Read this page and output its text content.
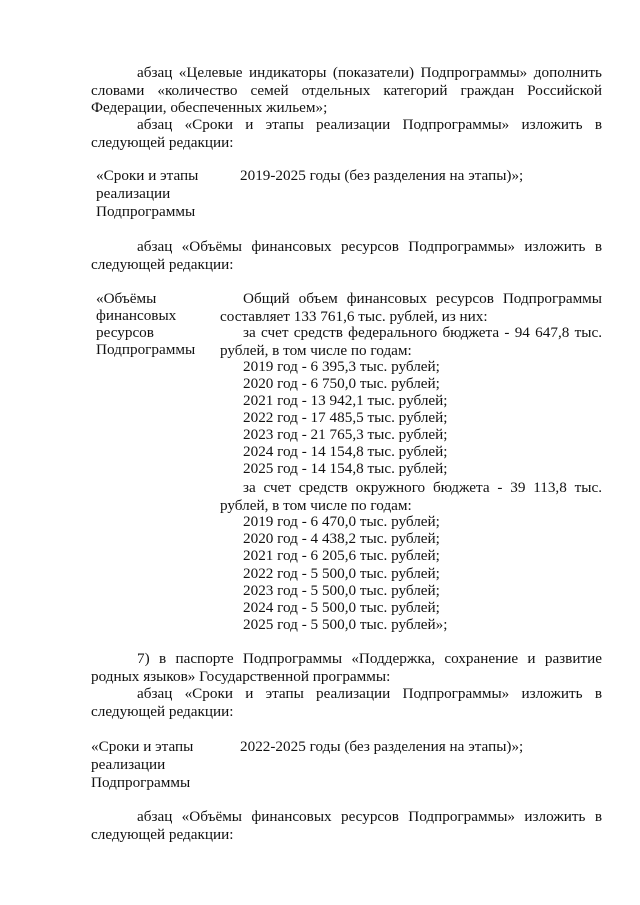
абзац «Целевые индикаторы (показатели) Подпрограммы» дополнить словами «количество семей отдельных категорий граждан Российской Федерации, обеспеченных жильем»;

абзац «Сроки и этапы реализации Подпрограммы» изложить в следующей редакции:

«Сроки и этапы

реализации

Подпрограммы

2019-2025 годы (без разделения на этапы)»;

абзац «Объёмы финансовых ресурсов Подпрограммы» изложить в следующей редакции:

«Объёмы

финансовых

ресурсов

Подпрограммы

Общий объем финансовых ресурсов Подпрограммы составляет 133 761,6 тыс. рублей, из них:

за счет средств федерального бюджета - 94 647,8 тыс. рублей, в том числе по годам:

2019 год - 6 395,3 тыс. рублей;

2020 год - 6 750,0 тыс. рублей;

2021 год - 13 942,1 тыс. рублей;

2022 год - 17 485,5 тыс. рублей;

2023 год - 21 765,3 тыс. рублей;

2024 год - 14 154,8 тыс. рублей;

2025 год - 14 154,8 тыс. рублей;

за счет средств окружного бюджета - 39 113,8 тыс. рублей, в том числе по годам:

2019 год - 6 470,0 тыс. рублей;

2020 год - 4 438,2 тыс. рублей;

2021 год - 6 205,6 тыс. рублей;

2022 год - 5 500,0 тыс. рублей;

2023 год - 5 500,0 тыс. рублей;

2024 год - 5 500,0 тыс. рублей;

2025 год - 5 500,0 тыс. рублей»;

7) в паспорте Подпрограммы «Поддержка, сохранение и развитие родных языков» Государственной программы:

абзац «Сроки и этапы реализации Подпрограммы» изложить в следующей редакции:

«Сроки и этапы

реализации

Подпрограммы

2022-2025 годы (без разделения на этапы)»;

абзац «Объёмы финансовых ресурсов Подпрограммы» изложить в следующей редакции:
